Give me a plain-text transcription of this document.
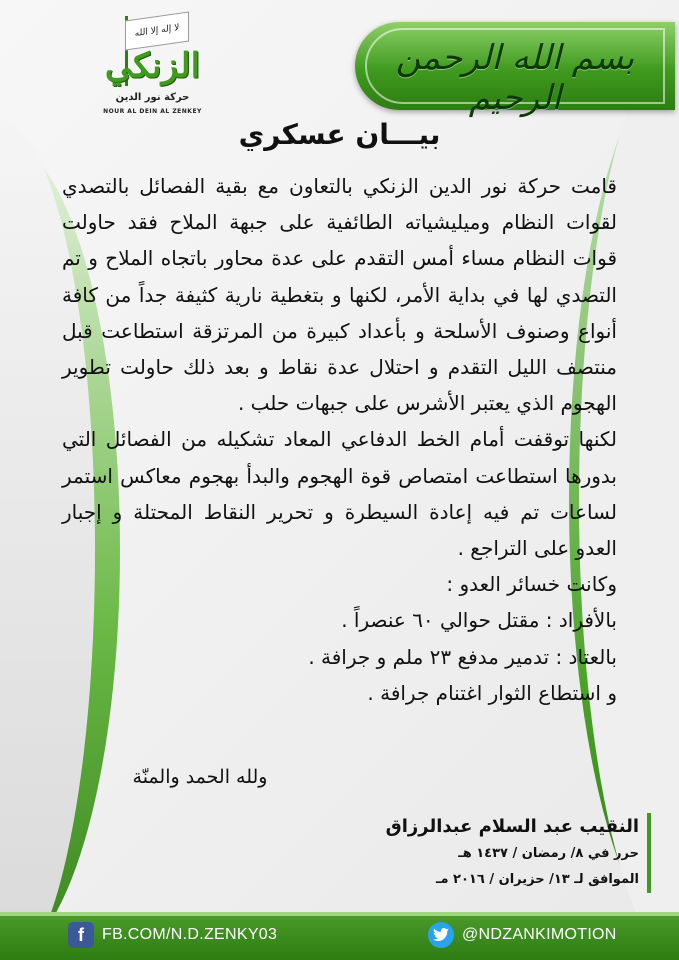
بسم الله الرحمن الرحيم
لا إله إلا الله
الزنكي
حركة نور الدين
NOUR AL DEIN AL ZENKEY
بيـــان عسكري

قامت حركة نور الدين الزنكي بالتعاون مع بقية الفصائل بالتصدي لقوات النظام وميليشياته الطائفية على جبهة الملاح فقد حاولت قوات النظام مساء أمس التقدم على عدة محاور باتجاه الملاح و تم التصدي لها في بداية الأمر، لكنها و بتغطية نارية كثيفة جداً من كافة أنواع وصنوف الأسلحة و بأعداد كبيرة من المرتزقة استطاعت قبل منتصف الليل التقدم و احتلال عدة نقاط و بعد ذلك حاولت تطوير الهجوم الذي يعتبر الأشرس على جبهات حلب .

لكنها توقفت أمام الخط الدفاعي المعاد تشكيله من الفصائل التي بدورها استطاعت امتصاص قوة الهجوم والبدأ بهجوم معاكس استمر لساعات تم فيه إعادة السيطرة و تحرير النقاط المحتلة و إجبار العدو على التراجع .

وكانت خسائر العدو :
بالأفراد : مقتل حوالي ٦٠ عنصراً .
بالعتاد : تدمير مدفع ٢٣ ملم و جرافة .
و استطاع الثوار اغتنام جرافة .
ولله الحمد والمنّة
النقيب عبد السلام عبدالرزاق
حرر في ٨/ رمضان / ١٤٣٧ هـ
الموافق لـ ١٣/ حزيران / ٢٠١٦ مـ
f FB.COM/N.D.ZENKY03	@NDZANKIMOTION
